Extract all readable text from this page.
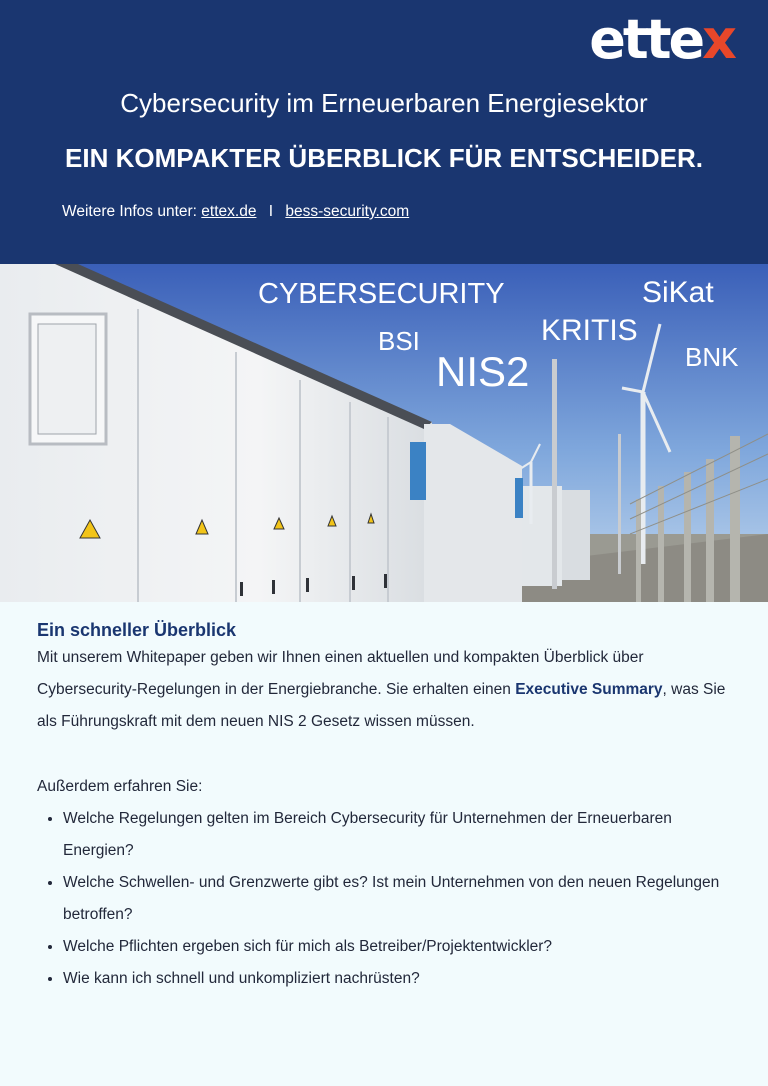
ettex
Cybersecurity im Erneuerbaren Energiesektor
EIN KOMPAKTER ÜBERBLICK FÜR ENTSCHEIDER.
Weitere Infos unter: ettex.de I bess-security.com
CYBERSECURITY	SiKat
BSI	KRITIS
NIS2	BNK
Ein schneller Überblick

Mit unserem Whitepaper geben wir Ihnen einen aktuellen und kompakten Überblick über Cybersecurity-Regelungen in der Energiebranche. Sie erhalten einen Executive Summary, was Sie als Führungskraft mit dem neuen NIS 2 Gesetz wissen müssen.

Außerdem erfahren Sie:
• Welche Regelungen gelten im Bereich Cybersecurity für Unternehmen der Erneuerbaren Energien?
• Welche Schwellen- und Grenzwerte gibt es? Ist mein Unternehmen von den neuen Regelungen betroffen?
• Welche Pflichten ergeben sich für mich als Betreiber/Projektentwickler?
• Wie kann ich schnell und unkompliziert nachrüsten?
